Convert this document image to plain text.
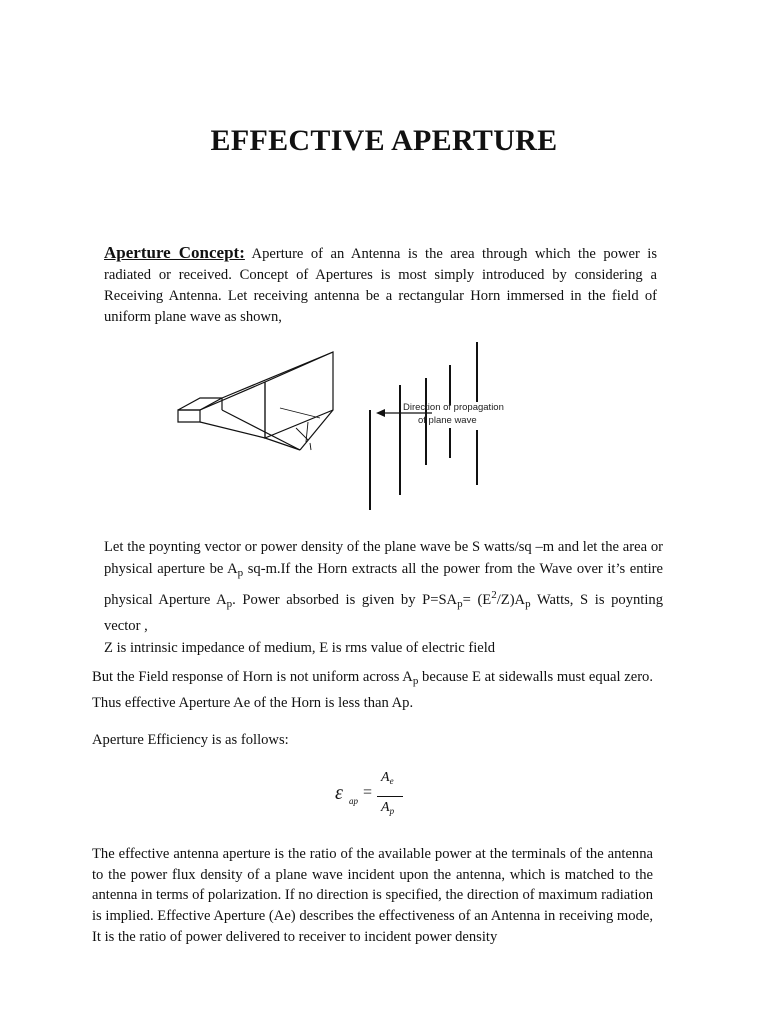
EFFECTIVE APERTURE
Aperture Concept: Aperture of an Antenna is the area through which the power is radiated or received. Concept of Apertures is most simply introduced by considering a Receiving Antenna. Let receiving antenna be a rectangular Horn immersed in the field of uniform plane wave as shown,
Direction of propagation
of plane wave
Let the poynting vector or power density of the plane wave be S watts/sq –m and let the area or physical aperture be $A_p$ sq-m.If the Horn extracts all the power from the Wave over it’s entire physical Aperture $A_p$. Power absorbed is given by $P=SA_p= (E^2/Z)A_p$ Watts, S is poynting vector ,
Z is intrinsic impedance of medium, E is rms value of electric field
But the Field response of Horn is not uniform across $A_p$ because E at sidewalls must equal zero. Thus effective Aperture Ae of the Horn is less than Ap.
Aperture Efficiency is as follows:
ε ap =
$A_e$
$A_p$
The effective antenna aperture is the ratio of the available power at the terminals of the antenna to the power flux density of a plane wave incident upon the antenna, which is matched to the antenna in terms of polarization. If no direction is specified, the direction of maximum radiation is implied. Effective Aperture (Ae) describes the effectiveness of an Antenna in receiving mode, It is the ratio of power delivered to receiver to incident power density
